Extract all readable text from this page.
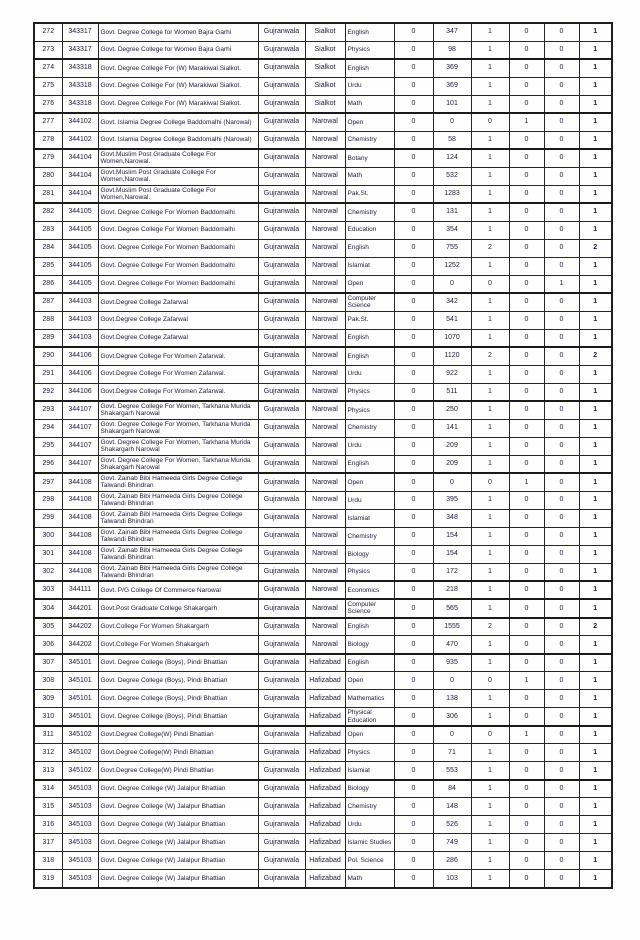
272	343317	Govt. Degree College for Women Bajra Garhi	Gujranwala	Sialkot	English	0	347	1	0	0	1
273	343317	Govt. Degree College for Women Bajra Garhi	Gujranwala	Sialkot	Physics	0	98	1	0	0	1
274	343318	Govt. Degree College For (W) Marakiwal Sialkot.	Gujranwala	Sialkot	English	0	369	1	0	0	1
275	343318	Govt. Degree College For (W) Marakiwal Sialkot.	Gujranwala	Sialkot	Urdu	0	369	1	0	0	1
276	343318	Govt. Degree College For (W) Marakiwal Sialkot.	Gujranwala	Sialkot	Math	0	101	1	0	0	1
277	344102	Govt. Islamia Degree College Baddomalhi (Narowal)	Gujranwala	Narowal	Open	0	0	0	1	0	1
278	344102	Govt. Islamia Degree College Baddomalhi (Narowal)	Gujranwala	Narowal	Chemistry	0	58	1	0	0	1
279	344104	Govt.Muslim Post Graduate College For Women,Narowal.	Gujranwala	Narowal	Botany	0	124	1	0	0	1
280	344104	Govt.Muslim Post Graduate College For Women,Narowal.	Gujranwala	Narowal	Math	0	532	1	0	0	1
281	344104	Govt.Muslim Post Graduate College For Women,Narowal.	Gujranwala	Narowal	Pak.St.	0	1283	1	0	0	1
282	344105	Govt. Degree College For Women Baddomalhi	Gujranwala	Narowal	Chemistry	0	131	1	0	0	1
283	344105	Govt. Degree College For Women Baddomalhi	Gujranwala	Narowal	Education	0	354	1	0	0	1
284	344105	Govt. Degree College For Women Baddomalhi	Gujranwala	Narowal	English	0	755	2	0	0	2
285	344105	Govt. Degree College For Women Baddomalhi	Gujranwala	Narowal	Islamiat	0	1252	1	0	0	1
286	344105	Govt. Degree College For Women Baddomalhi	Gujranwala	Narowal	Open	0	0	0	0	1	1
287	344103	Govt.Degree College Zafarwal	Gujranwala	Narowal	Computer Science	0	342	1	0	0	1
288	344103	Govt.Degree College Zafarwal	Gujranwala	Narowal	Pak.St.	0	541	1	0	0	1
289	344103	Govt.Degree College Zafarwal	Gujranwala	Narowal	English	0	1070	1	0	0	1
290	344106	Govt.Degree College For Women Zafarwal.	Gujranwala	Narowal	English	0	1120	2	0	0	2
291	344106	Govt.Degree College For Women Zafarwal.	Gujranwala	Narowal	Urdu	0	922	1	0	0	1
292	344106	Govt.Degree College For Women Zafarwal.	Gujranwala	Narowal	Physics	0	511	1	0	0	1
293	344107	Govt. Degree College For Women, Tarkhana Murida Shakargarh Narowal	Gujranwala	Narowal	Physics	0	250	1	0	0	1
294	344107	Govt. Degree College For Women, Tarkhana Murida Shakargarh Narowal	Gujranwala	Narowal	Chemistry	0	141	1	0	0	1
295	344107	Govt. Degree College For Women, Tarkhana Murida Shakargarh Narowal	Gujranwala	Narowal	Urdu	0	209	1	0	0	1
296	344107	Govt. Degree College For Women, Tarkhana Murida Shakargarh Narowal	Gujranwala	Narowal	English	0	209	1	0	0	1
297	344108	Govt. Zainab Bibi Hameeda Girls Degree College Talwandi Bhindran	Gujranwala	Narowal	Open	0	0	0	1	0	1
298	344108	Govt. Zainab Bibi Hameeda Girls Degree College Talwandi Bhindran	Gujranwala	Narowal	Urdu	0	395	1	0	0	1
299	344108	Govt. Zainab Bibi Hameeda Girls Degree College Talwandi Bhindran	Gujranwala	Narowal	Islamiat	0	348	1	0	0	1
300	344108	Govt. Zainab Bibi Hameeda Girls Degree College Talwandi Bhindran	Gujranwala	Narowal	Chemistry	0	154	1	0	0	1
301	344108	Govt. Zainab Bibi Hameeda Girls Degree College Talwandi Bhindran	Gujranwala	Narowal	Biology	0	154	1	0	0	1
302	344108	Govt. Zainab Bibi Hameeda Girls Degree College Talwandi Bhindran	Gujranwala	Narowal	Physics	0	172	1	0	0	1
303	344111	Govt. P/G College Of Commerce Narowal	Gujranwala	Narowal	Economics	0	218	1	0	0	1
304	344201	Govt.Post Graduate College Shakargarh	Gujranwala	Narowal	Computer Science	0	565	1	0	0	1
305	344202	Govt.College For Women Shakargarh	Gujranwala	Narowal	English	0	1555	2	0	0	2
306	344202	Govt.College For Women Shakargarh	Gujranwala	Narowal	Biology	0	470	1	0	0	1
307	345101	Govt. Degree College (Boys), Pindi Bhattian	Gujranwala	Hafizabad	English	0	935	1	0	0	1
308	345101	Govt. Degree College (Boys), Pindi Bhattian	Gujranwala	Hafizabad	Open	0	0	0	1	0	1
309	345101	Govt. Degree College (Boys), Pindi Bhattian	Gujranwala	Hafizabad	Mathematics	0	138	1	0	0	1
310	345101	Govt. Degree College (Boys), Pindi Bhattian	Gujranwala	Hafizabad	Physical Education	0	306	1	0	0	1
311	345102	Govt.Degree College(W) Pindi Bhattian	Gujranwala	Hafizabad	Open	0	0	0	1	0	1
312	345102	Govt.Degree College(W) Pindi Bhattian	Gujranwala	Hafizabad	Physics	0	71	1	0	0	1
313	345102	Govt.Degree College(W) Pindi Bhattian	Gujranwala	Hafizabad	Islamiat	0	553	1	0	0	1
314	345103	Govt. Degree College (W) Jalalpur Bhattian	Gujranwala	Hafizabad	Biology	0	84	1	0	0	1
315	345103	Govt. Degree College (W) Jalalpur Bhattian	Gujranwala	Hafizabad	Chemistry	0	148	1	0	0	1
316	345103	Govt. Degree College (W) Jalalpur Bhattian	Gujranwala	Hafizabad	Urdu	0	526	1	0	0	1
317	345103	Govt. Degree College (W) Jalalpur Bhattian	Gujranwala	Hafizabad	Islamic Studies	0	749	1	0	0	1
318	345103	Govt. Degree College (W) Jalalpur Bhattian	Gujranwala	Hafizabad	Pol. Science	0	286	1	0	0	1
319	345103	Govt. Degree College (W) Jalalpur Bhattian	Gujranwala	Hafizabad	Math	0	103	1	0	0	1
